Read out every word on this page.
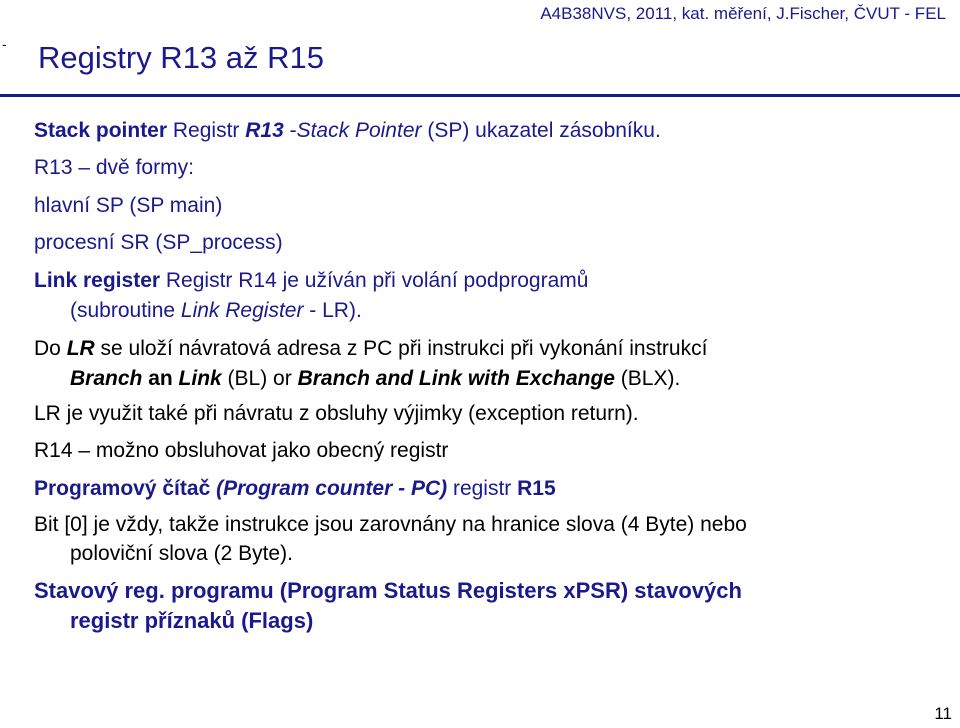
A4B38NVS, 2011, kat. měření, J.Fischer, ČVUT - FEL
- Registry R13 až R15
Stack pointer Registr R13 -Stack Pointer (SP) ukazatel zásobníku.
R13 – dvě formy:
hlavní SP (SP main)
procesní SR (SP_process)
Link register Registr R14 je užíván při volání podprogramů
(subroutine Link Register - LR).
Do LR se uloží návratová adresa z PC při instrukci při vykonání instrukcí
Branch an Link (BL) or Branch and Link with Exchange (BLX).
LR je využit také při návratu z obsluhy výjimky (exception return).
R14 – možno obsluhovat jako obecný registr
Programový čítač (Program counter - PC) registr R15
Bit [0] je vždy, takže instrukce jsou zarovnány na hranice slova (4 Byte) nebo
poloviční slova (2 Byte).
Stavový reg. programu (Program Status Registers xPSR) stavových
registr příznaků (Flags)
11
